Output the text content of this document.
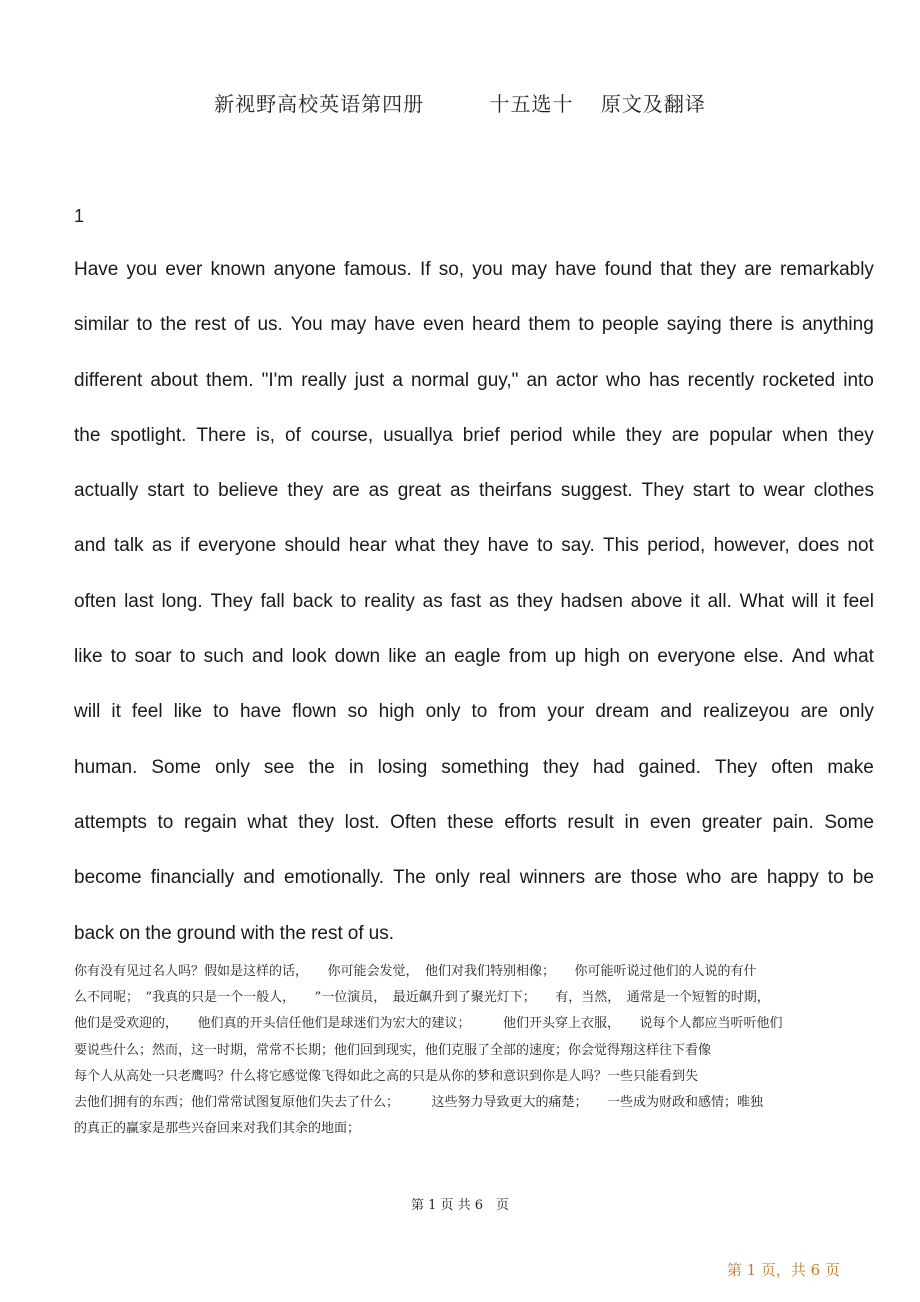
新视野高校英语第四册	十五选十 原文及翻译
1
Have you ever known anyone famous. If so, you may have found that they are remarkably
similar to the rest of us. You may have even heard them to people saying there is anything
different about them. "I'm really just a normal guy," an actor who has recently rocketed into
the spotlight. There is, of course, usuallya brief period while they are popular when they
actually start to believe they are as great as theirfans suggest. They start to wear clothes
and talk as if everyone should hear what they have to say. This period, however, does not
often last long. They fall back to reality as fast as they hadsen above it all. What will it feel
like to soar to such and look down like an eagle from up high on everyone else. And what
will it feel like to have flown so high only to from your dream and realizeyou are only
human. Some only see the in losing something they had gained. They often make
attempts to regain what they lost. Often these efforts result in even greater pain. Some
become financially and emotionally. The only real winners are those who are happy to be
back on the ground with the rest of us.
你有没有见过名人吗？假如是这样的话，　　你可能会发觉，　他们对我们特别相像；　　你可能听说过他们的人说的有什
么不同呢；　”我真的只是一个一般人，　　”一位演员，　最近飙升到了聚光灯下；　　有，当然，　通常是一个短暂的时期，
他们是受欢迎的，　　他们真的开头信任他们是球迷们为宏大的建议；　　　他们开头穿上衣服，　　说每个人都应当听听他们
要说些什么；然而，这一时期，常常不长期；他们回到现实，他们克服了全部的速度；你会觉得翔这样往下看像
每个人从高处一只老鹰吗？什么将它感觉像飞得如此之高的只是从你的梦和意识到你是人吗？一些只能看到失
去他们拥有的东西；他们常常试图复原他们失去了什么；　　　这些努力导致更大的痛楚；　　一些成为财政和感情；唯独
的真正的赢家是那些兴奋回来对我们其余的地面；
第 1 页 共 6　页
第 1 页，共 6 页
